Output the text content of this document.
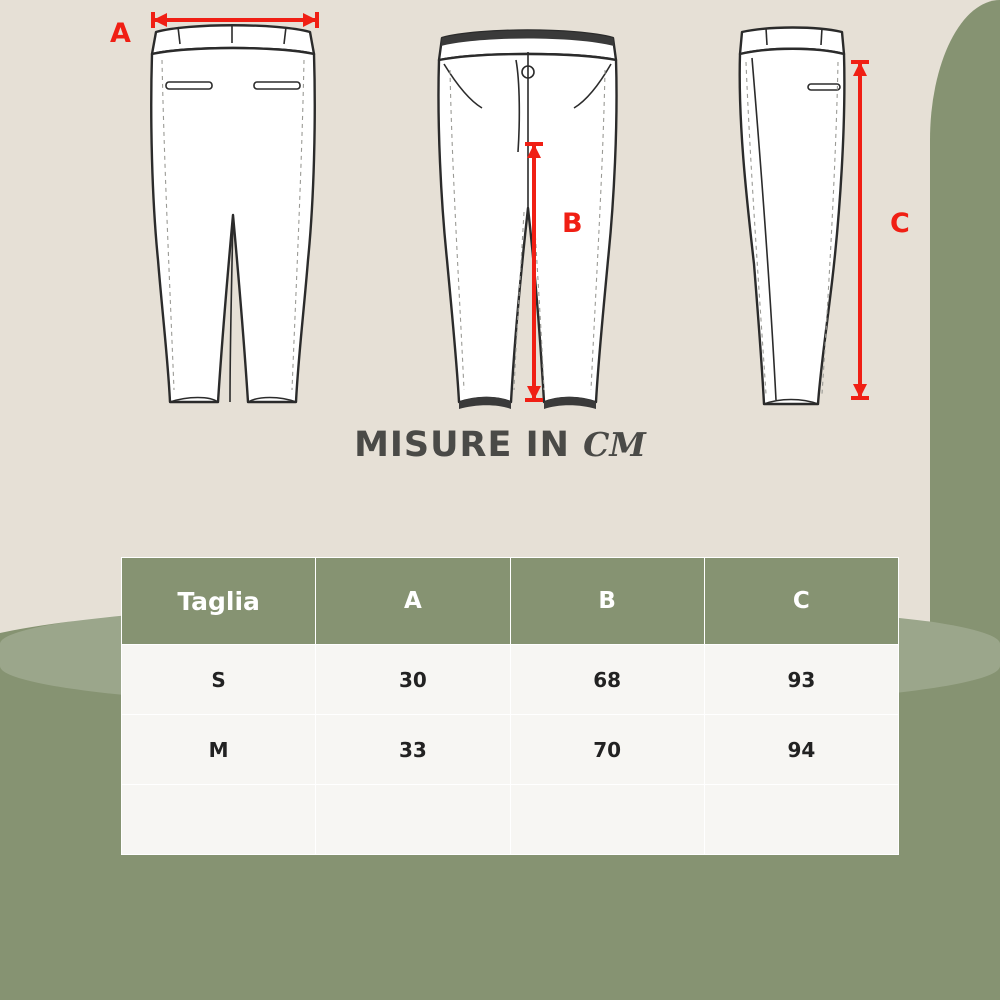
A
B	C
MISURE IN CM
Taglia	A	B	C
S	30	68	93
M	33	70	94
